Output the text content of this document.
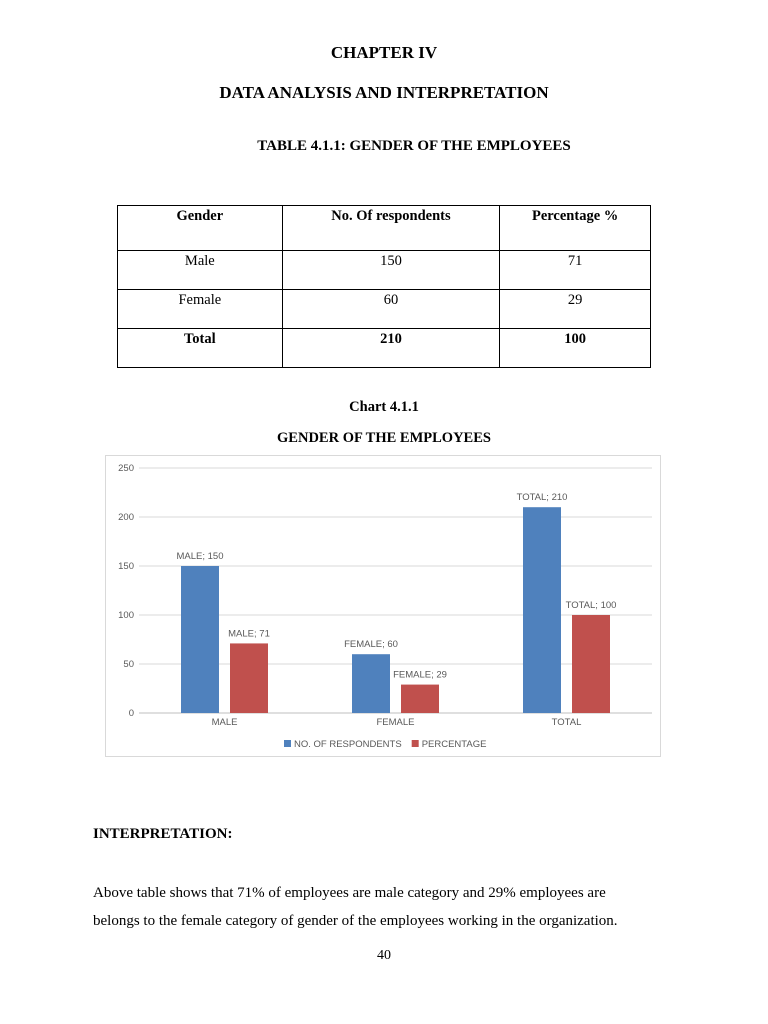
CHAPTER IV
DATA ANALYSIS AND INTERPRETATION
TABLE 4.1.1: GENDER OF THE EMPLOYEES
Gender	No. Of respondents	Percentage %
Male	150	71
Female	60	29
Total	210	100
Chart 4.1.1
GENDER OF THE EMPLOYEES
0
50
100
150
200
250
MALE; 150
MALE; 71
MALE
FEMALE; 60
FEMALE; 29
FEMALE
TOTAL; 210
TOTAL; 100
TOTAL
NO. OF RESPONDENTS PERCENTAGE
INTERPRETATION:

Above table shows that 71% of employees are male category and 29% employees are
belongs to the female category of gender of the employees working in the organization.

40
